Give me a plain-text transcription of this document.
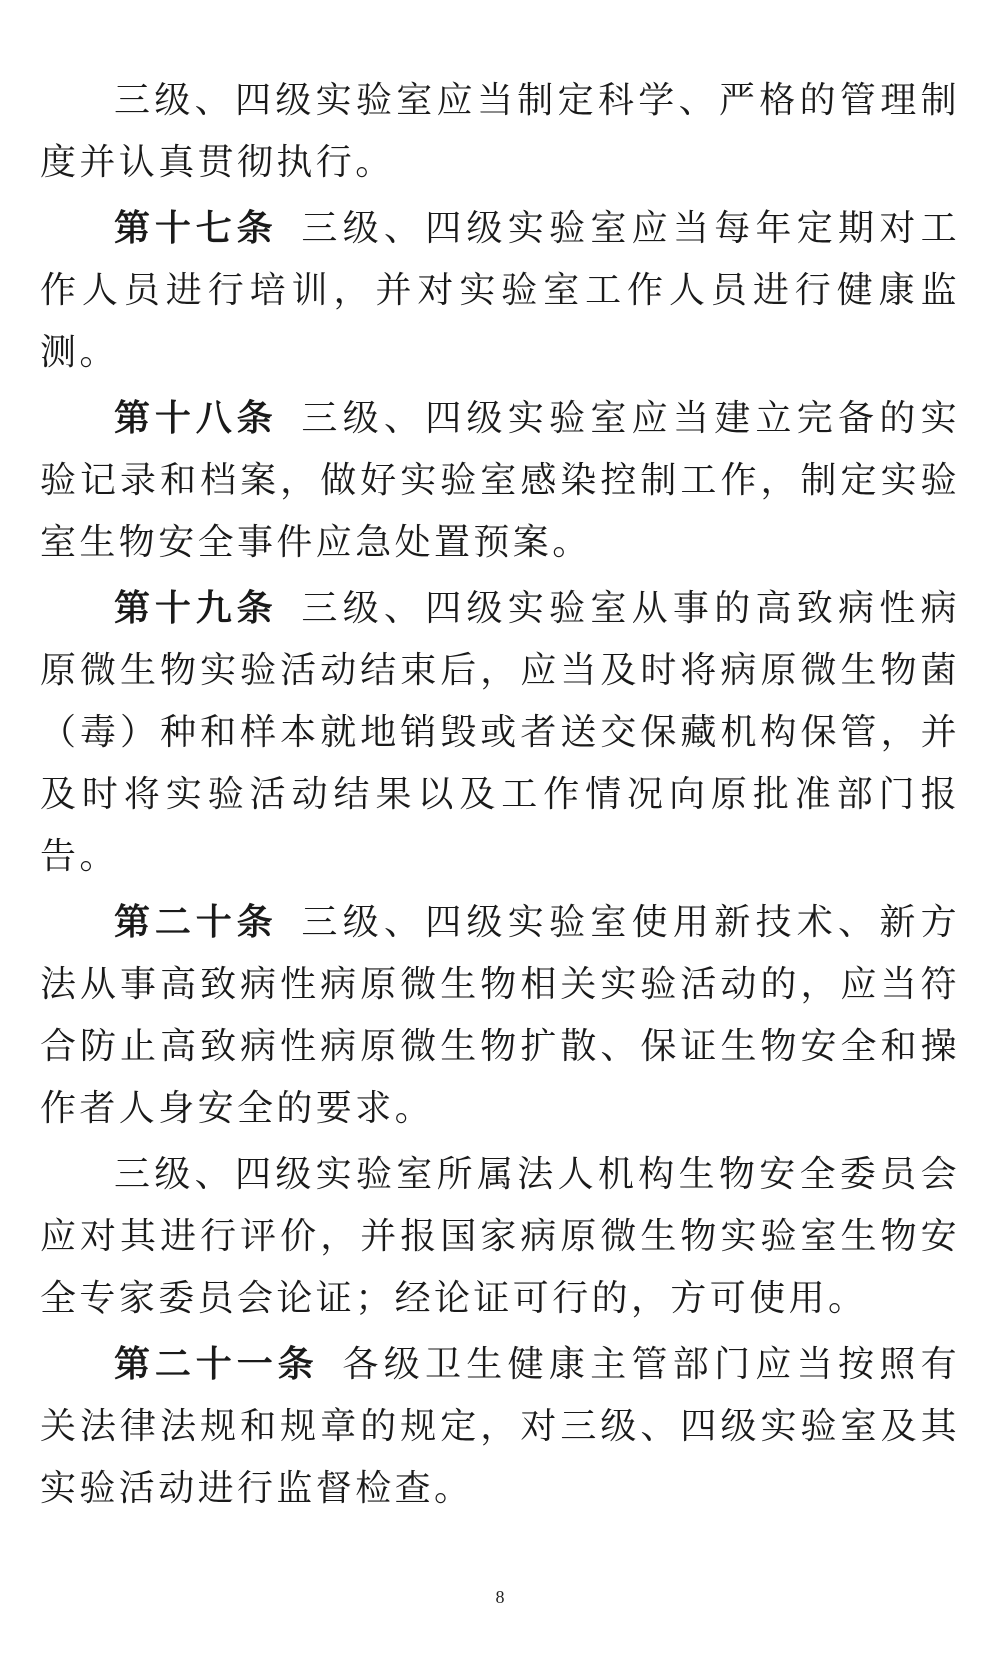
三级、四级实验室应当制定科学、严格的管理制度并认真贯彻执行。

第十七条 三级、四级实验室应当每年定期对工作人员进行培训，并对实验室工作人员进行健康监测。

第十八条 三级、四级实验室应当建立完备的实验记录和档案，做好实验室感染控制工作，制定实验室生物安全事件应急处置预案。

第十九条 三级、四级实验室从事的高致病性病原微生物实验活动结束后，应当及时将病原微生物菌（毒）种和样本就地销毁或者送交保藏机构保管，并及时将实验活动结果以及工作情况向原批准部门报告。

第二十条 三级、四级实验室使用新技术、新方法从事高致病性病原微生物相关实验活动的，应当符合防止高致病性病原微生物扩散、保证生物安全和操作者人身安全的要求。

三级、四级实验室所属法人机构生物安全委员会应对其进行评价，并报国家病原微生物实验室生物安全专家委员会论证；经论证可行的，方可使用。

第二十一条 各级卫生健康主管部门应当按照有关法律法规和规章的规定，对三级、四级实验室及其实验活动进行监督检查。

8
